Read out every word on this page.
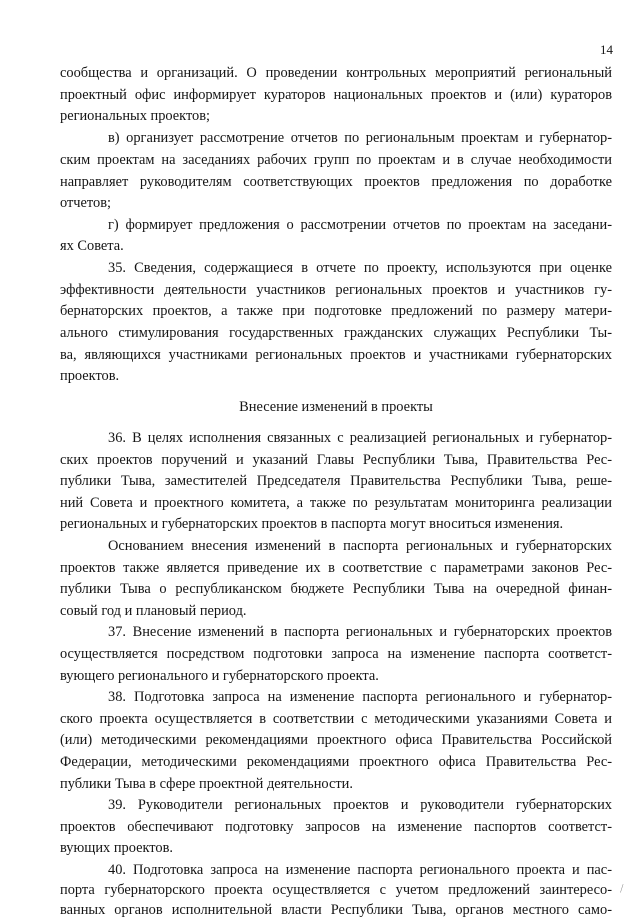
14
сообщества и организаций. О проведении контрольных мероприятий региональный
проектный офис информирует кураторов национальных проектов и (или) кураторов
региональных проектов;
в) организует рассмотрение отчетов по региональным проектам и губернатор-
ским проектам на заседаниях рабочих групп по проектам и в случае необходимости
направляет руководителям соответствующих проектов предложения по доработке
отчетов;
г) формирует предложения о рассмотрении отчетов по проектам на заседани-
ях Совета.
35. Сведения, содержащиеся в отчете по проекту, используются при оценке
эффективности деятельности участников региональных проектов и участников гу-
бернаторских проектов, а также при подготовке предложений по размеру матери-
ального стимулирования государственных гражданских служащих Республики Ты-
ва, являющихся участниками региональных проектов и участниками губернаторских
проектов.
Внесение изменений в проекты
36. В целях исполнения связанных с реализацией региональных и губернатор-
ских проектов поручений и указаний Главы Республики Тыва, Правительства Рес-
публики Тыва, заместителей Председателя Правительства Республики Тыва, реше-
ний Совета и проектного комитета, а также по результатам мониторинга реализации
региональных и губернаторских проектов в паспорта могут вноситься изменения.
Основанием внесения изменений в паспорта региональных и губернаторских
проектов также является приведение их в соответствие с параметрами законов Рес-
публики Тыва о республиканском бюджете Республики Тыва на очередной финан-
совый год и плановый период.
37. Внесение изменений в паспорта региональных и губернаторских проектов
осуществляется посредством подготовки запроса на изменение паспорта соответст-
вующего регионального и губернаторского проекта.
38. Подготовка запроса на изменение паспорта регионального и губернатор-
ского проекта осуществляется в соответствии с методическими указаниями Совета и
(или) методическими рекомендациями проектного офиса Правительства Российской
Федерации, методическими рекомендациями проектного офиса Правительства Рес-
публики Тыва в сфере проектной деятельности.
39. Руководители региональных проектов и руководители губернаторских
проектов обеспечивают подготовку запросов на изменение паспортов соответст-
вующих проектов.
40. Подготовка запроса на изменение паспорта регионального проекта и пас-
порта губернаторского проекта осуществляется с учетом предложений заинтересо-
ванных органов исполнительной власти Республики Тыва, органов местного само-
⁄
